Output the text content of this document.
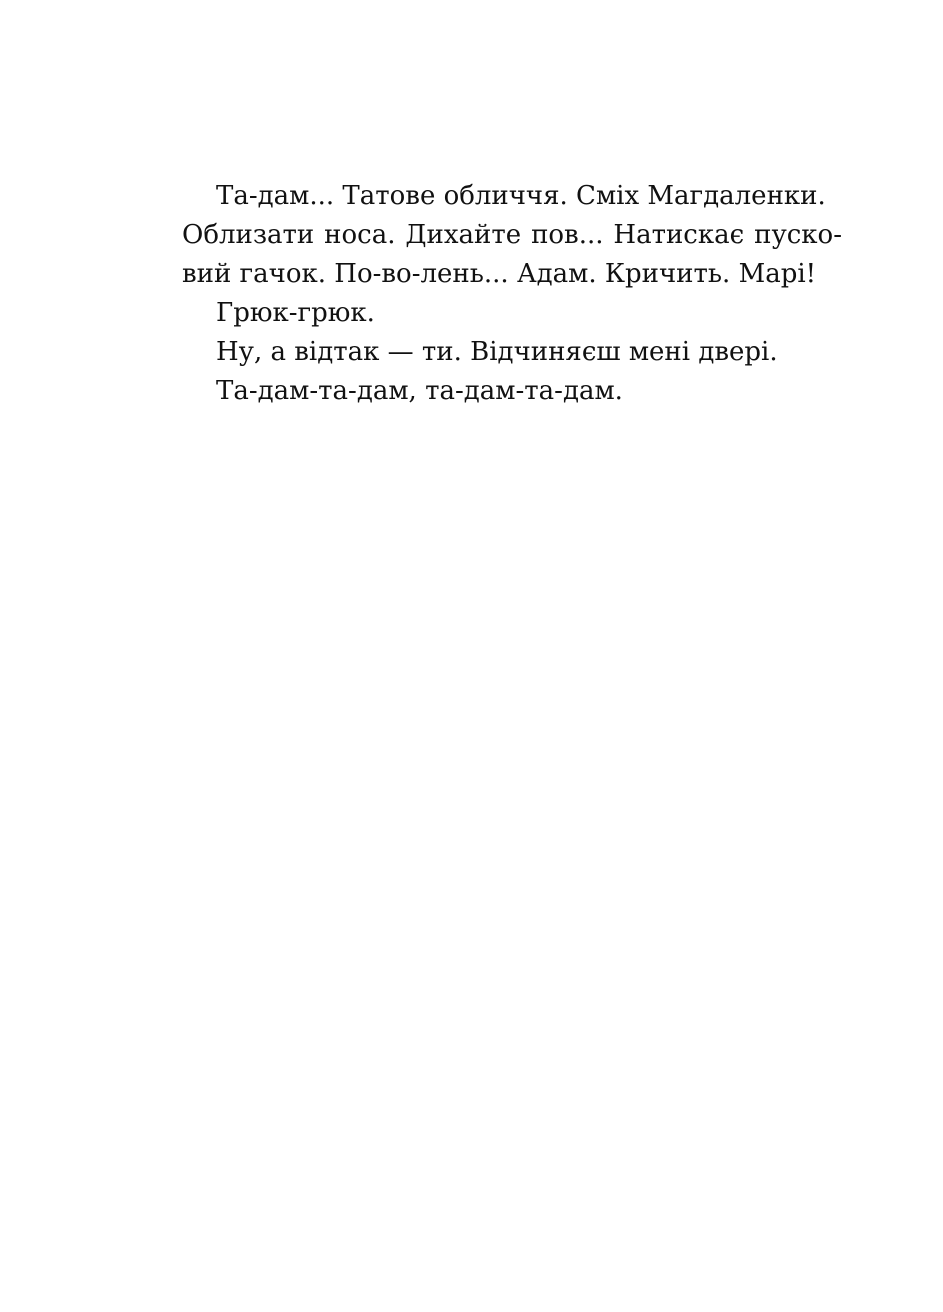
Та-дам... Татове обличчя. Сміх Магдаленки.
Облизати носа. Дихайте пов... Натискає пуско-
вий гачок. По-во-лень... Адам. Кричить. Марі!

Грюк-грюк.

Ну, а відтак — ти. Відчиняєш мені двері.

Та-дам-та-дам, та-дам-та-дам.
